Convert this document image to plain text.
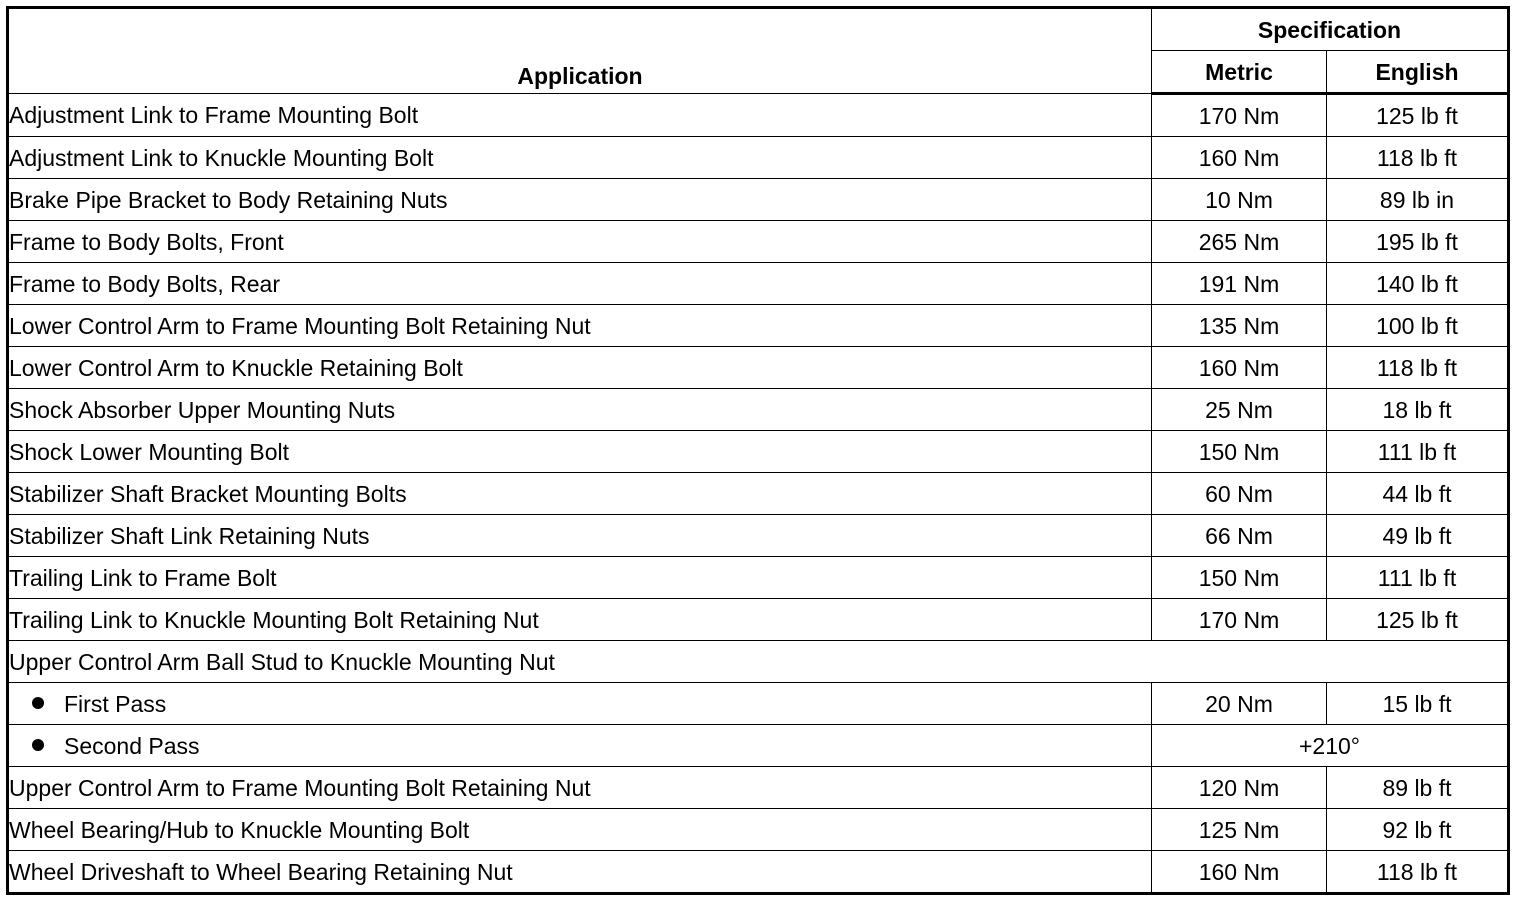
Application	Specification	
	Metric	English
Adjustment Link to Frame Mounting Bolt	170 Nm	125 lb ft
Adjustment Link to Knuckle Mounting Bolt	160 Nm	118 lb ft
Brake Pipe Bracket to Body Retaining Nuts	10 Nm	89 lb in
Frame to Body Bolts, Front	265 Nm	195 lb ft
Frame to Body Bolts, Rear	191 Nm	140 lb ft
Lower Control Arm to Frame Mounting Bolt Retaining Nut	135 Nm	100 lb ft
Lower Control Arm to Knuckle Retaining Bolt	160 Nm	118 lb ft
Shock Absorber Upper Mounting Nuts	25 Nm	18 lb ft
Shock Lower Mounting Bolt	150 Nm	111 lb ft
Stabilizer Shaft Bracket Mounting Bolts	60 Nm	44 lb ft
Stabilizer Shaft Link Retaining Nuts	66 Nm	49 lb ft
Trailing Link to Frame Bolt	150 Nm	111 lb ft
Trailing Link to Knuckle Mounting Bolt Retaining Nut	170 Nm	125 lb ft
Upper Control Arm Ball Stud to Knuckle Mounting Nut		
First Pass	20 Nm	15 lb ft
Second Pass	+210°	
Upper Control Arm to Frame Mounting Bolt Retaining Nut	120 Nm	89 lb ft
Wheel Bearing/Hub to Knuckle Mounting Bolt	125 Nm	92 lb ft
Wheel Driveshaft to Wheel Bearing Retaining Nut	160 Nm	118 lb ft
